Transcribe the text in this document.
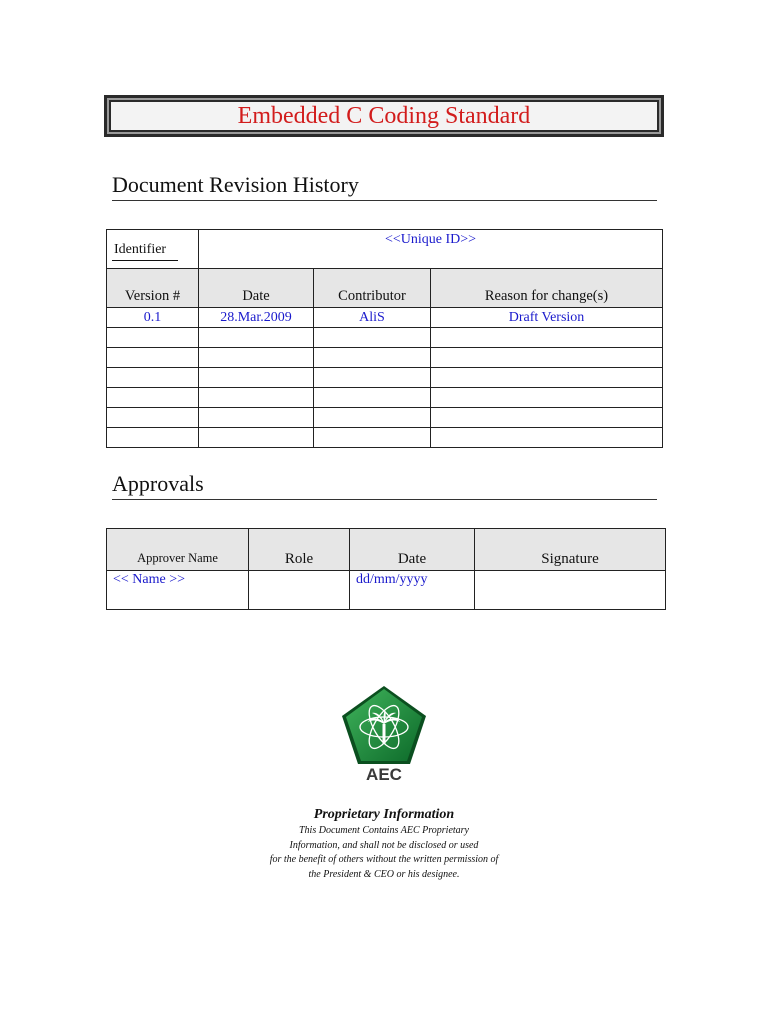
Embedded C Coding Standard
Document Revision History
Identifier	<<Unique ID>>		
Version #	Date	Contributor	Reason for change(s)
0.1	28.Mar.2009	AliS	Draft Version

Approvals
Approver Name	Role	Date	Signature
<< Name >>		dd/mm/yyyy	
AEC
Proprietary Information
This Document Contains AEC Proprietary
Information, and shall not be disclosed or used
for the benefit of others without the written permission of
the President & CEO or his designee.
